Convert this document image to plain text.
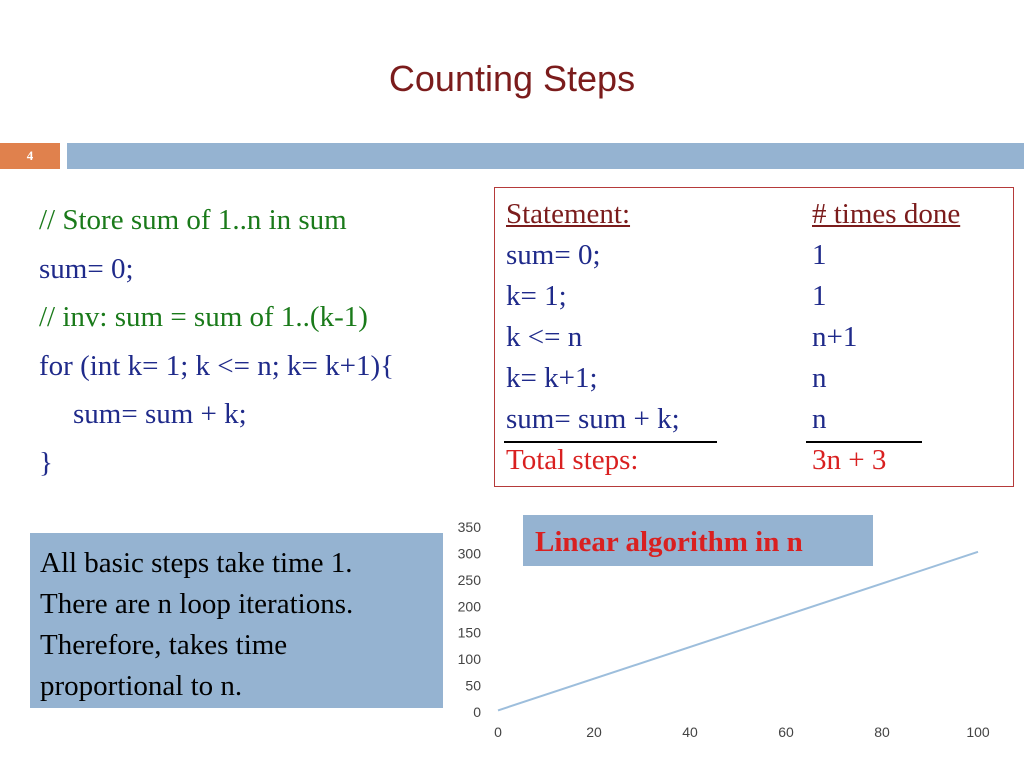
Counting Steps
4
// Store sum of 1..n in sum
sum= 0;
// inv: sum = sum of 1..(k-1)
for (int k= 1; k <= n; k= k+1){
sum= sum + k;
}
Statement:	# times done
sum= 0;	1
k= 1;	1
k <= n	n+1
k= k+1;	n
sum= sum + k;	n
Total steps:	3n + 3
All basic steps take time 1.
There are n loop iterations.
Therefore, takes time
proportional to n.
0
50
100
150
200
250
300
350
0	20	40	60	80	100
Linear algorithm in n
